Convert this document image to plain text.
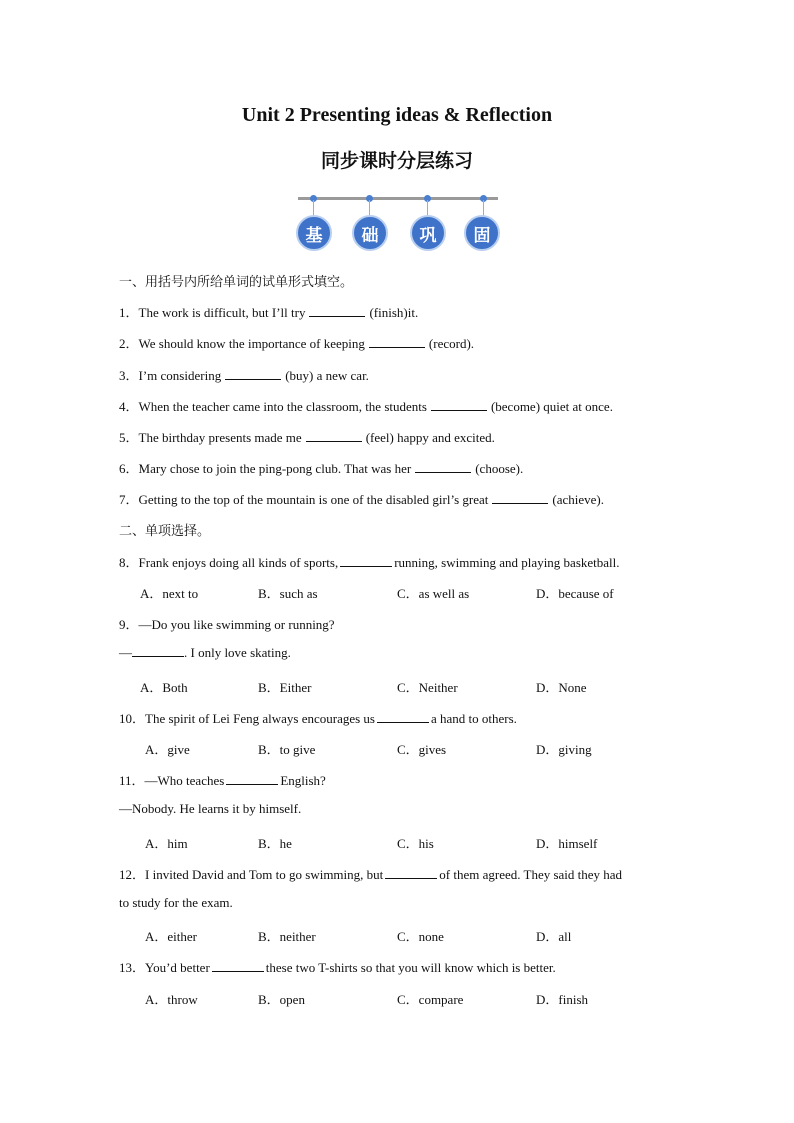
Unit 2 Presenting ideas & Reflection
同步课时分层练习
基	础	巩	固
一、用括号内所给单词的试单形式填空。
1．The work is difficult, but I’ll try	(finish)it.
2．We should know the importance of keeping	(record).
3．I’m considering	(buy) a new car.
4．When the teacher came into the classroom, the students	(become) quiet at once.
5．The birthday presents made me	(feel) happy and excited.
6．Mary chose to join the ping-pong club. That was her	(choose).
7．Getting to the top of the mountain is one of the disabled girl’s great	(achieve).
二、单项选择。
8．Frank enjoys doing all kinds of sports,	running, swimming and playing basketball.
A．next to	B．such as	C．as well as	D．because of
9．—Do you like swimming or running?
—	. I only love skating.
A．Both	B．Either	C．Neither	D．None
10．The spirit of Lei Feng always encourages us	a hand to others.
A．give	B．to give	C．gives	D．giving
11．—Who teaches	English?
—Nobody. He learns it by himself.
A．him	B．he	C．his	D．himself
12．I invited David and Tom to go swimming, but	of them agreed. They said they had
to study for the exam.
A．either	B．neither	C．none	D．all
13．You’d better	these two T-shirts so that you will know which is better.
A．throw	B．open	C．compare	D．finish
